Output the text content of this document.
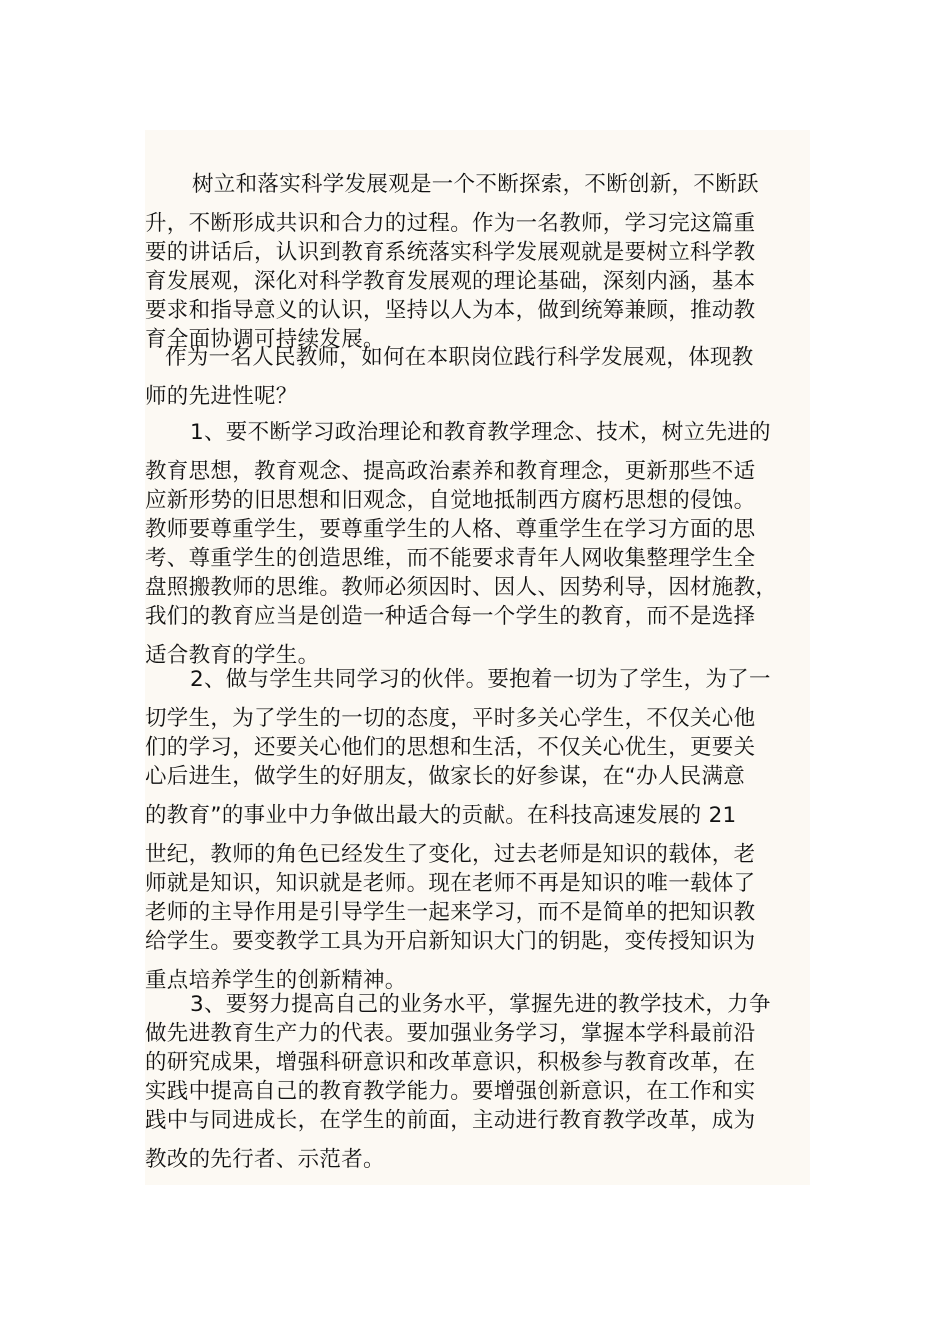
树立和落实科学发展观是一个不断探索，不断创新，不断跃
升，不断形成共识和合力的过程。作为一名教师，学习完这篇重
要的讲话后，认识到教育系统落实科学发展观就是要树立科学教
育发展观，深化对科学教育发展观的理论基础，深刻内涵，基本
要求和指导意义的认识，坚持以人为本，做到统筹兼顾，推动教
育全面协调可持续发展。
作为一名人民教师，如何在本职岗位践行科学发展观，体现教
师的先进性呢？
1、要不断学习政治理论和教育教学理念、技术，树立先进的
教育思想，教育观念、提高政治素养和教育理念，更新那些不适
应新形势的旧思想和旧观念，自觉地抵制西方腐朽思想的侵蚀。
教师要尊重学生，要尊重学生的人格、尊重学生在学习方面的思
考、尊重学生的创造思维，而不能要求青年人网收集整理学生全
盘照搬教师的思维。教师必须因时、因人、因势利导，因材施教，
我们的教育应当是创造一种适合每一个学生的教育，而不是选择
适合教育的学生。
2、做与学生共同学习的伙伴。要抱着一切为了学生，为了一
切学生，为了学生的一切的态度，平时多关心学生，不仅关心他
们的学习，还要关心他们的思想和生活，不仅关心优生，更要关
心后进生，做学生的好朋友，做家长的好参谋，在“办人民满意
的教育”的事业中力争做出最大的贡献。在科技高速发展的 21
世纪，教师的角色已经发生了变化，过去老师是知识的载体，老
师就是知识，知识就是老师。现在老师不再是知识的唯一载体了
老师的主导作用是引导学生一起来学习，而不是简单的把知识教
给学生。要变教学工具为开启新知识大门的钥匙，变传授知识为
重点培养学生的创新精神。
3、要努力提高自己的业务水平，掌握先进的教学技术，力争
做先进教育生产力的代表。要加强业务学习，掌握本学科最前沿
的研究成果，增强科研意识和改革意识，积极参与教育改革，在
实践中提高自己的教育教学能力。要增强创新意识，在工作和实
践中与同进成长，在学生的前面，主动进行教育教学改革，成为
教改的先行者、示范者。
